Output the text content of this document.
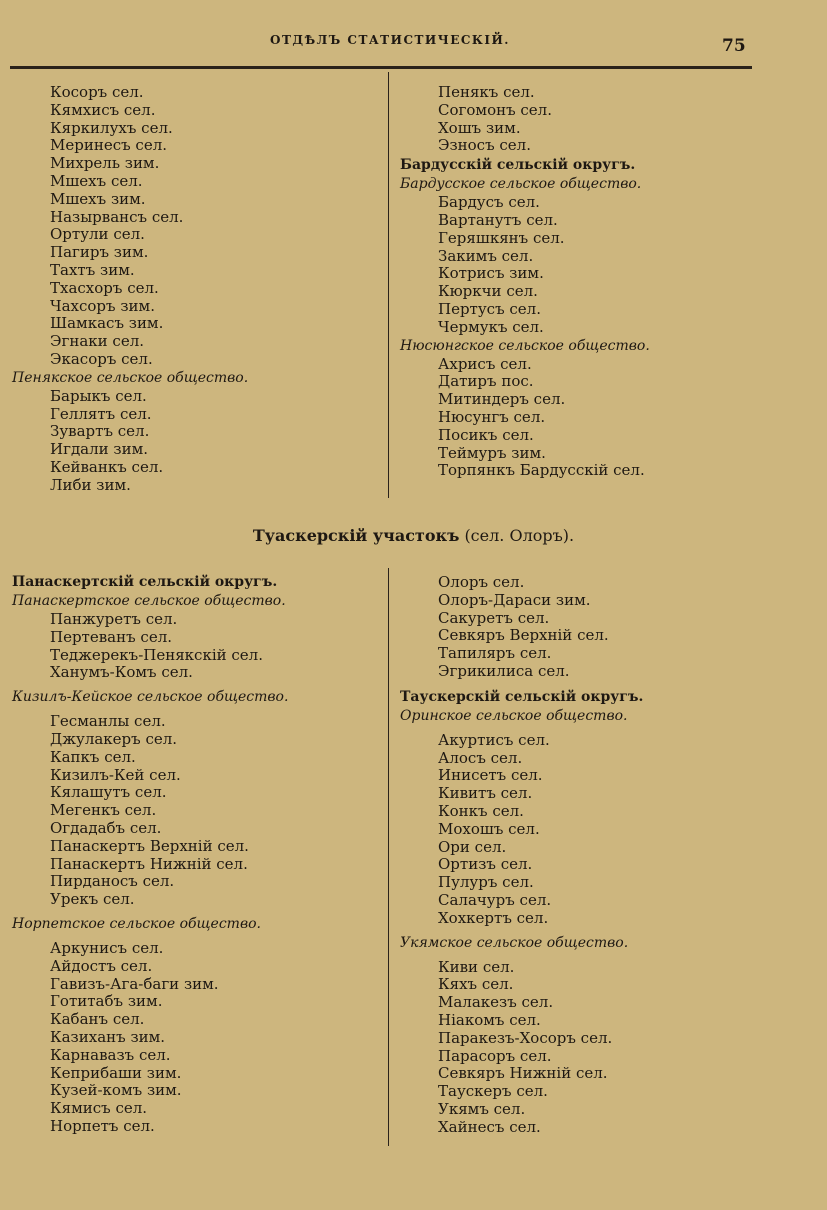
ОТДѢЛЪ СТАТИСТИЧЕСКІЙ.	75
Косоръ сел.
Кямхисъ сел.
Кяркилухъ сел.
Меринесъ сел.
Михрель зим.
Мшехъ сел.
Мшехъ зим.
Назырвансъ сел.
Ортули сел.
Пагиръ зим.
Тахтъ зим.
Тхасхоръ сел.
Чахсоръ зим.
Шамкасъ зим.
Эгнаки сел.
Экасоръ сел.
Пенякское сельское общество.
Барыкъ сел.
Геллятъ сел.
Зувартъ сел.
Игдали зим.
Кейванкъ сел.
Либи зим.
Пенякъ сел.
Согомонъ сел.
Хошъ зим.
Эзносъ сел.
Бардусскій сельскій округъ.
Бардусское сельское общество.
Бардусъ сел.
Вартанутъ сел.
Геряшкянъ сел.
Закимъ сел.
Котрисъ зим.
Кюркчи сел.
Пертусъ сел.
Чермукъ сел.
Нюсюнгское сельское общество.
Ахрисъ сел.
Датиръ пос.
Митиндеръ сел.
Нюсунгъ сел.
Посикъ сел.
Теймуръ зим.
Торпянкъ Бардусскій сел.
Туаскерскій участокъ (сел. Олоръ).
Панаскертскій сельскій округъ.
Панаскертское сельское общество.
Панжуретъ сел.
Пертеванъ сел.
Теджерекъ-Пенякскій сел.
Ханумъ-Комъ сел.
Кизилъ-Кейское сельское общество.
Гесманлы сел.
Джулакеръ сел.
Капкъ сел.
Кизилъ-Кей сел.
Кялашутъ сел.
Мегенкъ сел.
Огдадабъ сел.
Панаскертъ Верхній сел.
Панаскертъ Нижній сел.
Пирданосъ сел.
Урекъ сел.
Норпетское сельское общество.
Аркунисъ сел.
Айдостъ сел.
Гавизъ-Ага-баги зим.
Готитабъ зим.
Кабанъ сел.
Казиханъ зим.
Карнавазъ сел.
Кеприбаши зим.
Кузей-комъ зим.
Кямисъ сел.
Норпетъ сел.
Олоръ сел.
Олоръ-Дараси зим.
Сакуретъ сел.
Севкяръ Верхній сел.
Тапиляръ сел.
Эгрикилиса сел.
Таускерскій сельскій округъ.
Оринское сельское общество.
Акуртисъ сел.
Алосъ сел.
Инисетъ сел.
Кивитъ сел.
Конкъ сел.
Мохошъ сел.
Ори сел.
Ортизъ сел.
Пулуръ сел.
Салачуръ сел.
Хохкертъ сел.
Укямское сельское общество.
Киви сел.
Кяхъ сел.
Малакезъ сел.
Ніакомъ сел.
Паракезъ-Хосоръ сел.
Парасоръ сел.
Севкяръ Нижній сел.
Таускеръ сел.
Укямъ сел.
Хайнесъ сел.
